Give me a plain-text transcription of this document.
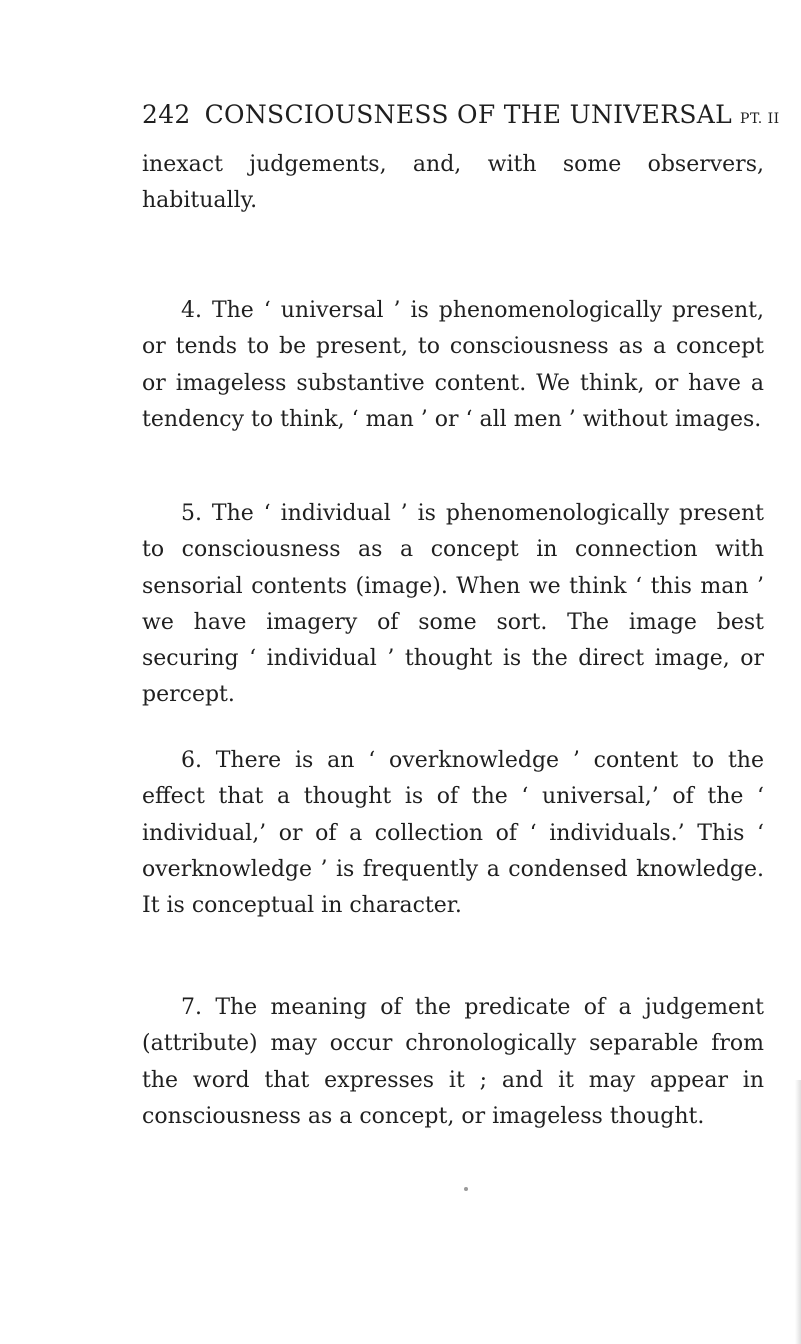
242 CONSCIOUSNESS OF THE UNIVERSAL PT. II

inexact judgements, and, with some observers, habitually.

4. The ‘ universal ’ is phenomenologically present, or tends to be present, to consciousness as a concept or imageless substantive content. We think, or have a tendency to think, ‘ man ’ or ‘ all men ’ without images.

5. The ‘ individual ’ is phenomenologically present to consciousness as a concept in connection with sensorial contents (image). When we think ‘ this man ’ we have imagery of some sort. The image best securing ‘ individual ’ thought is the direct image, or percept.

6. There is an ‘ overknowledge ’ content to the effect that a thought is of the ‘ universal,’ of the ‘ individual,’ or of a collection of ‘ individuals.’ This ‘ overknowledge ’ is frequently a condensed knowledge. It is conceptual in character.

7. The meaning of the predicate of a judgement (attribute) may occur chronologically separable from the word that expresses it ; and it may appear in consciousness as a concept, or imageless thought.
